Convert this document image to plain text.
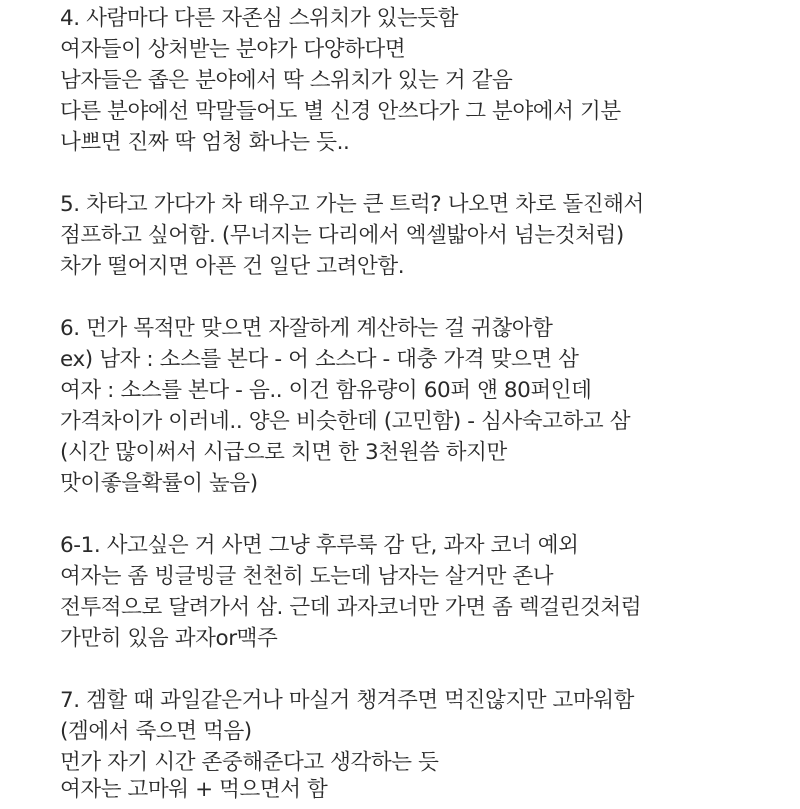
4. 사람마다 다른 자존심 스위치가 있는듯함
여자들이 상처받는 분야가 다양하다면
남자들은 좁은 분야에서 딱 스위치가 있는 거 같음
다른 분야에선 막말들어도 별 신경 안쓰다가 그 분야에서 기분
나쁘면 진짜 딱 엄청 화나는 듯..
5. 차타고 가다가 차 태우고 가는 큰 트럭? 나오면 차로 돌진해서
점프하고 싶어함. (무너지는 다리에서 엑셀밟아서 넘는것처럼)
차가 떨어지면 아픈 건 일단 고려안함.
6. 먼가 목적만 맞으면 자잘하게 계산하는 걸 귀찮아함
ex) 남자 : 소스를 본다 - 어 소스다 - 대충 가격 맞으면 삼
여자 : 소스를 본다 - 음.. 이건 함유량이 60퍼 얜 80퍼인데
가격차이가 이러네.. 양은 비슷한데 (고민함) - 심사숙고하고 삼
(시간 많이써서 시급으로 치면 한 3천원씀 하지만
맛이좋을확률이 높음)
6-1. 사고싶은 거 사면 그냥 후루룩 감 단, 과자 코너 예외
여자는 좀 빙글빙글 천천히 도는데 남자는 살거만 존나
전투적으로 달려가서 삼. 근데 과자코너만 가면 좀 렉걸린것처럼
가만히 있음 과자or맥주
7. 겜할 때 과일같은거나 마실거 챙겨주면 먹진않지만 고마워함
(겜에서 죽으면 먹음)
먼가 자기 시간 존중해준다고 생각하는 듯
여자는 고마워 + 먹으면서 함
